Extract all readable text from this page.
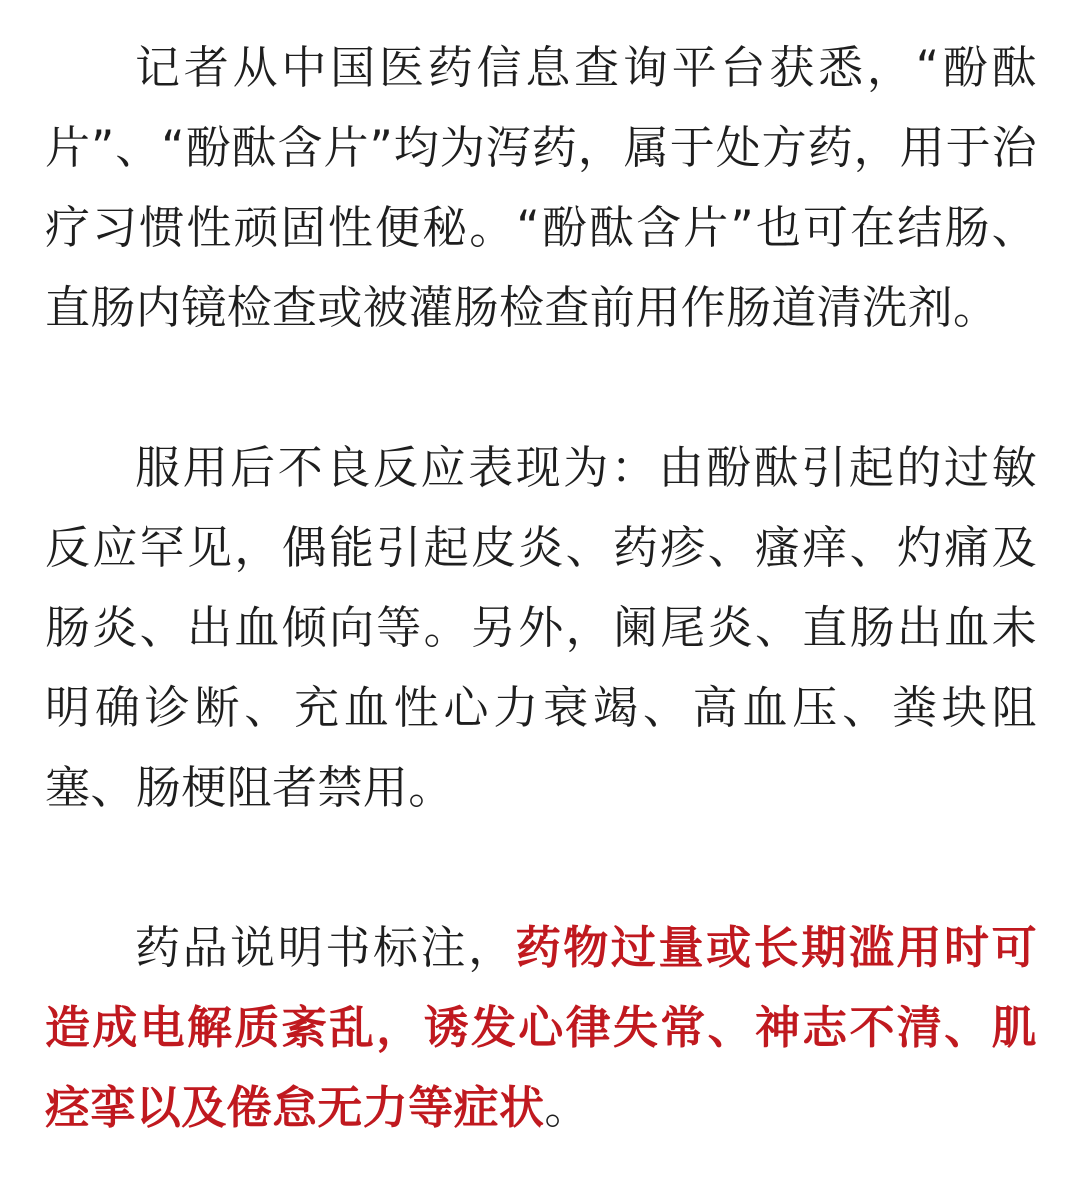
记者从中国医药信息查询平台获悉，“酚酞片”、“酚酞含片”均为泻药，属于处方药，用于治疗习惯性顽固性便秘。“酚酞含片”也可在结肠、直肠内镜检查或被灌肠检查前用作肠道清洗剂。

服用后不良反应表现为：由酚酞引起的过敏反应罕见，偶能引起皮炎、药疹、瘙痒、灼痛及肠炎、出血倾向等。另外，阑尾炎、直肠出血未明确诊断、充血性心力衰竭、高血压、粪块阻塞、肠梗阻者禁用。

药品说明书标注，药物过量或长期滥用时可造成电解质紊乱，诱发心律失常、神志不清、肌痉挛以及倦怠无力等症状。
